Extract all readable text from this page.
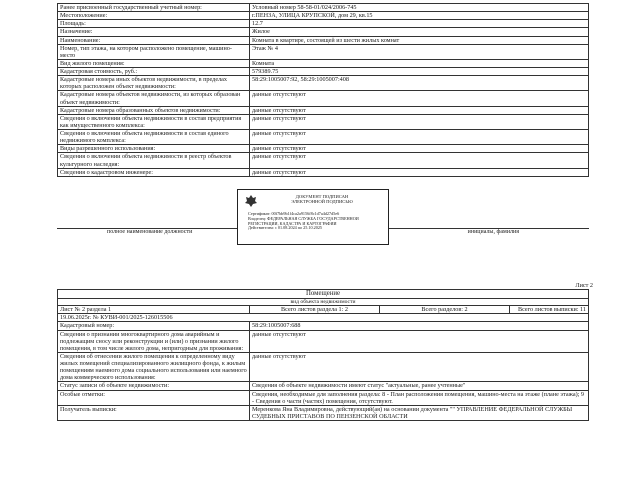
Ранее присвоенный государственный учетный номер:	Условный номер 58-58-01/024/2006-745
Местоположение:	г.ПЕНЗА, УЛИЦА КРУПСКОЙ, дом 29, кв.15
Площадь:	12.7
Назначение:	Жилое
Наименование:	Комната в квартире, состоящей из шести жилых комнат
Номер, тип этажа, на котором расположено помещение, машино-место	Этаж № 4
Вид жилого помещения:	Комната
Кадастровая стоимость, руб.:	579389.75
Кадастровые номера иных объектов недвижимости, в пределах которых расположен объект недвижимости:	58:29:1005007:92, 58:29:1005007:408
Кадастровые номера объектов недвижимости, из которых образован объект недвижимости:	данные отсутствуют
Кадастровые номера образованных объектов недвижимости:	данные отсутствуют
Сведения о включении объекта недвижимости в состав предприятия как имущественного комплекса:	данные отсутствуют
Сведения о включении объекта недвижимости в состав единого недвижимого комплекса:	данные отсутствуют
Виды разрешенного использования:	данные отсутствуют
Сведения о включении объекта недвижимости в реестр объектов культурного наследия:	данные отсутствуют
Сведения о кадастровом инженере:	данные отсутствуют
полное наименование должности	инициалы, фамилия
ДОКУМЕНТ ПОДПИСАН
ЭЛЕКТРОННОЙ ПОДПИСЬЮ
Сертификат: 00f7bb9b1f4ca2a9156f8c1d7a4d27d5e6
Владелец: ФЕДЕРАЛЬНАЯ СЛУЖБА ГОСУДАРСТВЕННОЙ
РЕГИСТРАЦИИ, КАДАСТРА И КАРТОГРАФИИ
Действителен: с 01.08.2024 по 25.10.2025
Лист 2
Помещение			
вид объекта недвижимости			
Лист № 2 раздела 1	Всего листов раздела 1: 2	Всего разделов: 2	Всего листов выписки: 11
19.06.2025г. № КУВИ-001/2025-126015506			
Кадастровый номер:	58:29:1005007:688		
Сведения о признании многоквартирного дома аварийным и подлежащим сносу или реконструкции и (или) о признании жилого помещения, в том числе жилого дома, непригодным для проживания:	данные отсутствуют		
Сведения об отнесении жилого помещения к определенному виду жилых помещений специализированного жилищного фонда, к жилым помещениям наемного дома социального использования или наемного дома коммерческого использования:	данные отсутствуют		
Статус записи об объекте недвижимости:	Сведения об объекте недвижимости имеют статус "актуальные, ранее учтенные"		
Особые отметки:	Сведения, необходимые для заполнения раздела: 8 - План расположения помещения, машино-места на этаже (плане этажа); 9 - Сведения о части (частях) помещения, отсутствуют.		
Получатель выписки:	Меренкова Яна Владимировна, действующий(ая) на основании документа "" УПРАВЛЕНИЕ ФЕДЕРАЛЬНОЙ СЛУЖБЫ СУДЕБНЫХ ПРИСТАВОВ ПО ПЕНЗЕНСКОЙ ОБЛАСТИ		
